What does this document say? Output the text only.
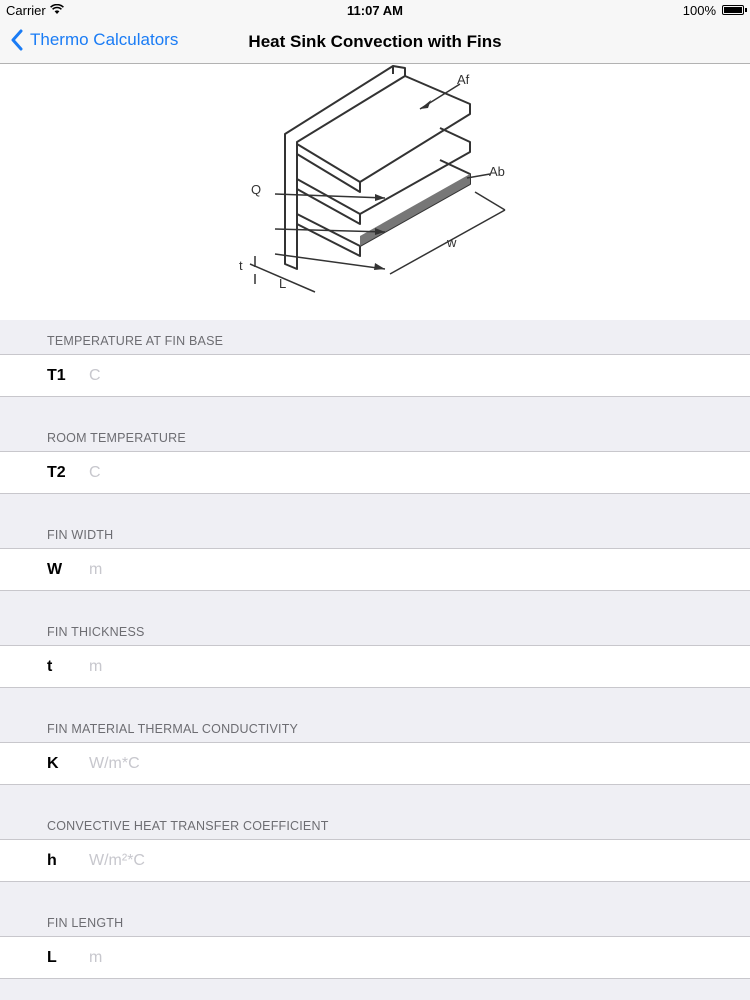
Carrier	11:07 AM	100%
Thermo Calculators	Heat Sink Convection with Fins
Af
Ab
Q
w
t
L
TEMPERATURE AT FIN BASE
T1
C
ROOM TEMPERATURE
T2
C
FIN WIDTH
W
m
FIN THICKNESS
t
m
FIN MATERIAL THERMAL CONDUCTIVITY
K
W/m*C
CONVECTIVE HEAT TRANSFER COEFFICIENT
h
W/m²*C
FIN LENGTH
L
m
